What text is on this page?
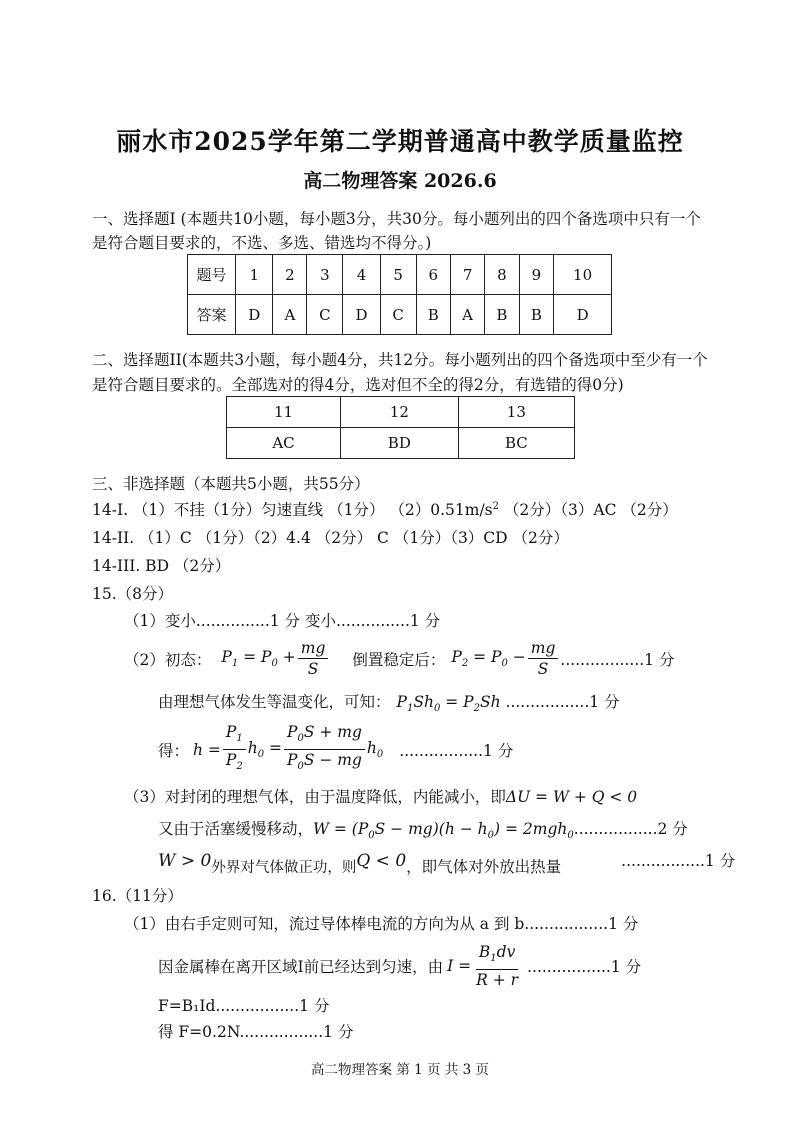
丽水市2025学年第二学期普通高中教学质量监控
高二物理答案 2026.6
一、选择题I (本题共10小题，每小题3分，共30分。每小题列出的四个备选项中只有一个
是符合题目要求的，不选、多选、错选均不得分。)
题号	1	2	3	4	5	6	7	8	9	10
答案	D	A	C	D	C	B	A	B	B	D
二、选择题II(本题共3小题，每小题4分，共12分。每小题列出的四个备选项中至少有一个
是符合题目要求的。全部选对的得4分，选对但不全的得2分，有选错的得0分)
11	12	13
AC	BD	BC
三、非选择题（本题共5小题，共55分）
14-I. （1）不挂（1分）匀速直线 （1分） $(2)0.51m/s^2$ （2分）（3）AC （2分）
14-II. （1）C （1分）（2）4.4 （2分） C （1分）（3）CD （2分）
14-III. BD （2分）
15.（8分）
（1）变小...............1 分 变小...............1 分
（2）初态： $P_1 = P_0 + \frac{mg}{S}$ 倒置稳定后： $P_2 = P_0 - \frac{mg}{S} .................1$ 分
由理想气体发生等温变化，可知： $P_1Sh_0 = P_2Sh$ .................1 分
得： $h = \frac{P_1}{P_2} h_0 = \frac{P_0S + mg}{P_0S - mg} h_0$ .................1 分
（3）对封闭的理想气体，由于温度降低，内能减小，即ΔU = W + Q < 0
又由于活塞缓慢移动，$W = (P_0S - mg)(h - h_0) = 2mgh_0.................2$ 分
W > 0外界对气体做正功，则Q < 0，即气体对外放出热量	.................1 分
16.（11分）
（1）由右手定则可知，流过导体棒电流的方向为从 a 到 b.................1 分
因金属棒在离开区域I前已经达到匀速，由 $I = \frac{B_1dv}{R + r} .................1$ 分
F=B₁Id.................1 分
得 F=0.2N.................1 分
高二物理答案 第 1 页 共 3 页
